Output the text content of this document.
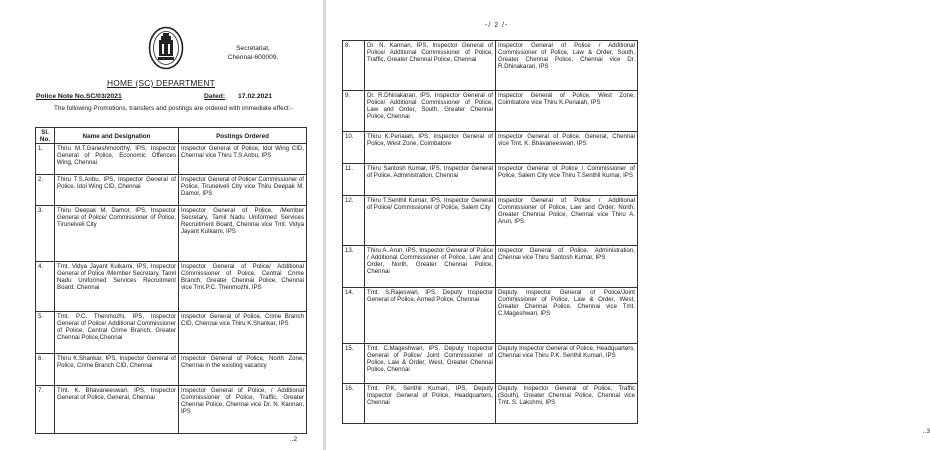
Secretariat,
Chennai-600009.
HOME (SC) DEPARTMENT
Police Note No.SC/03/2021	Dated: 17.02.2021
The following Promotions, transfers and postings are ordered with immediate effect:-
Sl. No.	Name and Designation	Postings Ordered
1.	Thiru M.T.Ganeshmoorthy, IPS, Inspector General of Police, Economic Offences Wing, Chennai	Inspector General of Police, Idol Wing CID, Chennai vice Thiru T.S.Anbu, IPS
2.	Thiru T.S.Anbu, IPS, Inspector General of Police, Idol Wing CID, Chennai	Inspector General of Police/ Commissioner of Police, Tirunelveli City vice Thiru Deepak M. Damor, IPS
3.	Thiru Deepak M. Damor, IPS, Inspector General of Police/ Commissioner of Police, Tirunelveli City	Inspector General of Police, /Member Secretary, Tamil Nadu Uniformed Services Recruitment Board, Chennai vice Tmt. Vidya Jayant Kulkarni, IPS
4.	Tmt. Vidya Jayant Kulkarni, IPS, Inspector General of Police /Member Secretary, Tamil Nadu Uniformed Services Recruitment Board, Chennai	Inspector General of Police/ Additional Commissioner of Police, Central Crime Branch, Greater Chennai Police, Chennai vice Tmt.P.C. Thenmozhi, IPS
5.	Tmt. P.C. Thenmozhi, IPS, Inspector General of Police/ Additional Commissioner of Police, Central Crime Branch, Greater Chennai Police,Chennai	Inspector General of Police, Crime Branch CID, Chennai vice Thiru K.Shankar, IPS
6.	Thiru K.Shankar, IPS, Inspector General of Police, Crime Branch CID, Chennai	Inspector General of Police, North Zone, Chennai in the existing vacancy
7.	Tmt. K. Bhavaneeswari, IPS, Inspector General of Police, General, Chennai	Inspector General of Police, / Additional Commissioner of Police, Traffic, Greater Chennai Police, Chennai vice Dr. N. Kannan, IPS
..2
-/ 2 /-
8.	Dr. N. Kannan, IPS, Inspector General of Police/ Additional Commissioner of Police, Traffic, Greater Chennai Police, Chennai	Inspector General of Police / Additional Commissioner of Police, Law & Order, South, Greater Chennai Police, Chennai vice Dr. R.Dhinakaran, IPS
9.	Dr. R.Dhinakaran, IPS, Inspector General of Police/ Additional Commissioner of Police, Law and Order, South, Greater Chennai Police, Chennai	Inspector General of Police, West Zone, Coimbatore vice Thiru K.Periaiah, IPS
10.	Thiru K.Periaiah, IPS, Inspector General of Police, West Zone, Coimbatore	Inspector General of Police, General, Chennai vice Tmt. K. Bhavaneeswari, IPS
11.	Thiru Santosh Kumar, IPS, Inspector General of Police, Administration, Chennai	Inspector General of Police / Commissioner of Police, Salem City vice Thiru T.Senthil Kumar, IPS
12.	Thiru T.Senthil Kumar, IPS, Inspector General of Police/ Commissioner of Police, Salem City	Inspector General of Police / Additional Commissioner of Police, Law and Order, North, Greater Chennai Police, Chennai vice Thiru A. Arun, IPS
13.	Thiru A. Arun, IPS, Inspector General of Police / Additional Commissioner of Police, Law and Order, North, Greater Chennai Police, Chennai	Inspector General of Police, Administration, Chennai vice Thiru Santosh Kumar, IPS
14.	Tmt. S.Rajeswari, IPS, Deputy Inspector General of Police, Armed Police, Chennai	Deputy Inspector General of Police/Joint Commissioner of Police, Law & Order, West, Greater Chennai Police, Chennai vice Tmt. C.Mageshwari, IPS
15.	Tmt. C.Mageshwari, IPS, Deputy Inspector General of Police/ Joint Commissioner of Police, Law & Order, West, Greater Chennai Police, Chennai	Deputy Inspector General of Police, Headquarters, Chennai vice Thiru P.K. Senthil Kumari, IPS
16.	Tmt. P.K. Senthil Kumari, IPS, Deputy Inspector General of Police, Headquarters, Chennai	Deputy Inspector General of Police, Traffic (South), Greater Chennai Police, Chennai vice Tmt. S. Lakshmi, IPS
..3
